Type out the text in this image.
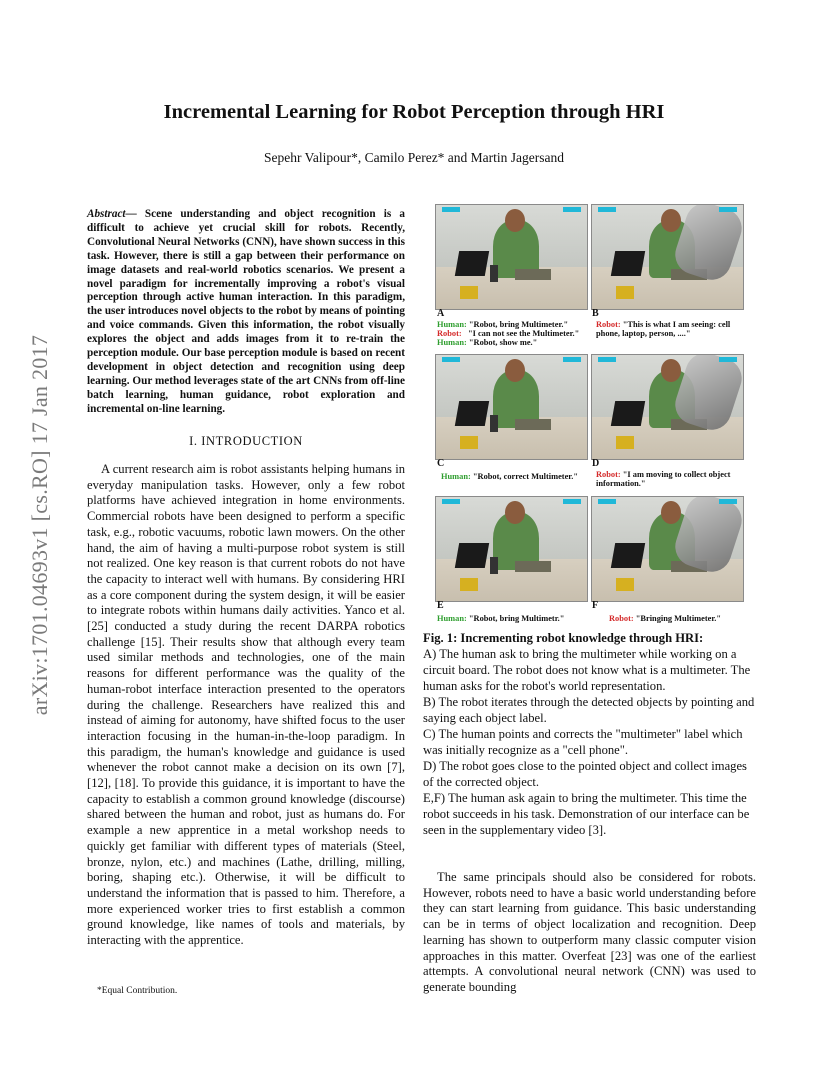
arXiv:1701.04693v1 [cs.RO] 17 Jan 2017
Incremental Learning for Robot Perception through HRI
Sepehr Valipour*, Camilo Perez* and Martin Jagersand
Abstract— Scene understanding and object recognition is a difficult to achieve yet crucial skill for robots. Recently, Convolutional Neural Networks (CNN), have shown success in this task. However, there is still a gap between their performance on image datasets and real-world robotics scenarios. We present a novel paradigm for incrementally improving a robot's visual perception through active human interaction. In this paradigm, the user introduces novel objects to the robot by means of pointing and voice commands. Given this information, the robot visually explores the object and adds images from it to re-train the perception module. Our base perception module is based on recent development in object detection and recognition using deep learning. Our method leverages state of the art CNNs from off-line batch learning, human guidance, robot exploration and incremental on-line learning.
I. INTRODUCTION
A current research aim is robot assistants helping humans in everyday manipulation tasks. However, only a few robot platforms have achieved integration in home environments. Commercial robots have been designed to perform a specific task, e.g., robotic vacuums, robotic lawn mowers. On the other hand, the aim of having a multi-purpose robot system is still not realized. One key reason is that current robots do not have the capacity to interact well with humans. By considering HRI as a core component during the system design, it will be easier to integrate robots within humans daily activities. Yanco et al. [25] conducted a study during the recent DARPA robotics challenge [15]. Their results show that although every team used similar methods and technologies, one of the main reasons for different performance was the quality of the human-robot interface interaction presented to the operators during the challenge. Researchers have realized this and instead of aiming for autonomy, have shifted focus to the user interaction focusing in the human-in-the-loop paradigm. In this paradigm, the human's knowledge and guidance is used whenever the robot cannot make a decision on its own [7], [12], [18]. To provide this guidance, it is important to have the capacity to establish a common ground knowledge (discourse) shared between the human and robot, just as humans do. For example a new apprentice in a metal workshop needs to quickly get familiar with different types of materials (Steel, bronze, nylon, etc.) and machines (Lathe, drilling, milling, boring, shaping etc.). Otherwise, it will be difficult to understand the information that is passed to him. Therefore, a more experienced worker tries to first establish a common ground knowledge, like names of tools and materials, by interacting with the apprentice.
*Equal Contribution.
A	B
Human: "Robot, bring Multimeter."
Robot: "I can not see the Multimeter."
Human: "Robot, show me."
Robot: "This is what I am seeing: cell
phone, laptop, person, ...."
C	D
Human: "Robot, correct Multimeter." Robot: "I am moving to collect object
information."
E	F
Human: "Robot, bring Multimetr."	Robot: "Bringing Multimeter."
Fig. 1: Incrementing robot knowledge through HRI:
A) The human ask to bring the multimeter while working on a circuit board. The robot does not know what is a multimeter. The human asks for the robot's world representation.
B) The robot iterates through the detected objects by pointing and saying each object label.
C) The human points and corrects the "multimeter" label which was initially recognize as a "cell phone".
D) The robot goes close to the pointed object and collect images of the corrected object.
E,F) The human ask again to bring the multimeter. This time the robot succeeds in his task. Demonstration of our interface can be seen in the supplementary video [3].
The same principals should also be considered for robots. However, robots need to have a basic world understanding before they can start learning from guidance. This basic understanding can be in terms of object localization and recognition. Deep learning has shown to outperform many classic computer vision approaches in this matter. Overfeat [23] was one of the earliest attempts. A convolutional neural network (CNN) was used to generate bounding
